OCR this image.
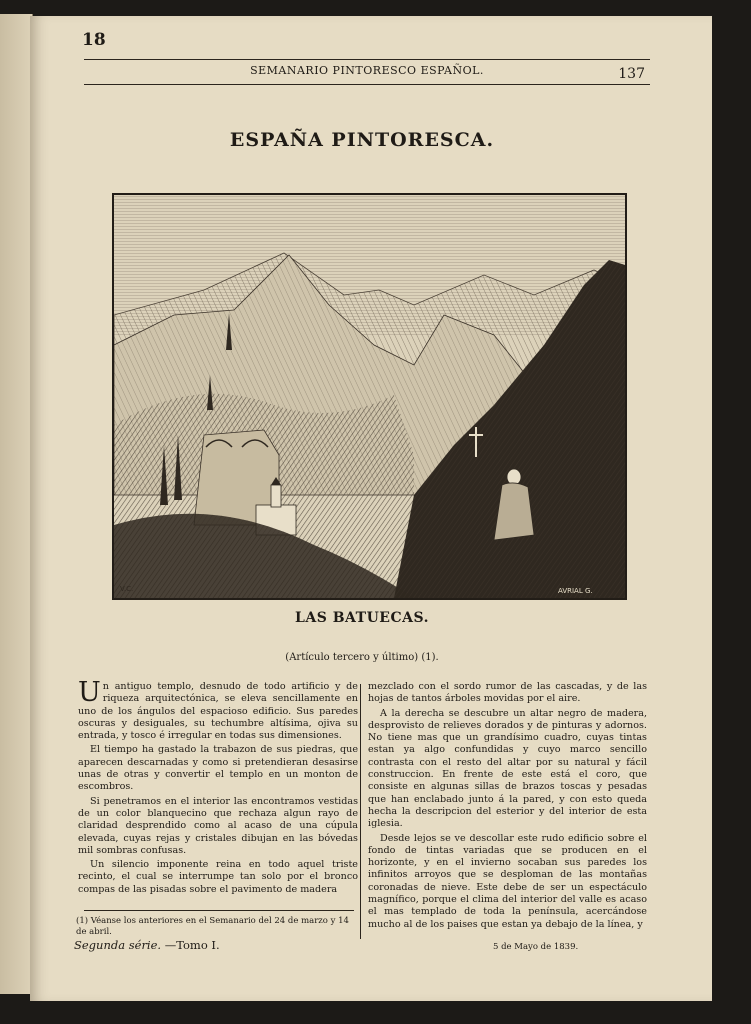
18
SEMANARIO PINTORESCO ESPAÑOL.	137
ESPAÑA PINTORESCA.
V.C.	AVRIAL G.
LAS BATUECAS.
(Artículo tercero y último) (1).

Un antiguo templo, desnudo de todo artificio y de riqueza arquitectónica, se eleva sencillamente en uno de los ángulos del espacioso edificio. Sus paredes oscuras y desiguales, su techumbre altísima, ojiva su entrada, y tosco é irregular en todas sus dimensiones.

El tiempo ha gastado la trabazon de sus piedras, que aparecen descarnadas y como si pretendieran desasirse unas de otras y convertir el templo en un monton de escombros.

Si penetramos en el interior las encontramos vestidas de un color blanquecino que rechaza algun rayo de claridad desprendido como al acaso de una cúpula elevada, cuyas rejas y cristales dibujan en las bóvedas mil sombras confusas.

Un silencio imponente reina en todo aquel triste recinto, el cual se interrumpe tan solo por el bronco compas de las pisadas sobre el pavimento de madera

mezclado con el sordo rumor de las cascadas, y de las hojas de tantos árboles movidas por el aire.

A la derecha se descubre un altar negro de madera, desprovisto de relieves dorados y de pinturas y adornos. No tiene mas que un grandísimo cuadro, cuyas tintas estan ya algo confundidas y cuyo marco sencillo contrasta con el resto del altar por su natural y fácil construccion. En frente de este está el coro, que consiste en algunas sillas de brazos toscas y pesadas que han enclabado junto á la pared, y con esto queda hecha la descripcion del esterior y del interior de esta iglesia.

Desde lejos se ve descollar este rudo edificio sobre el fondo de tintas variadas que se producen en el horizonte, y en el invierno socaban sus paredes los infinitos arroyos que se desploman de las montañas coronadas de nieve. Este debe de ser un espectáculo magnífico, porque el clima del interior del valle es acaso el mas templado de toda la península, acercándose mucho al de los paises que estan ya debajo de la línea, y

(1) Véanse los anteriores en el Semanario del 24 de marzo y 14 de abril.
Segunda série. —Tomo I.	5 de Mayo de 1839.
